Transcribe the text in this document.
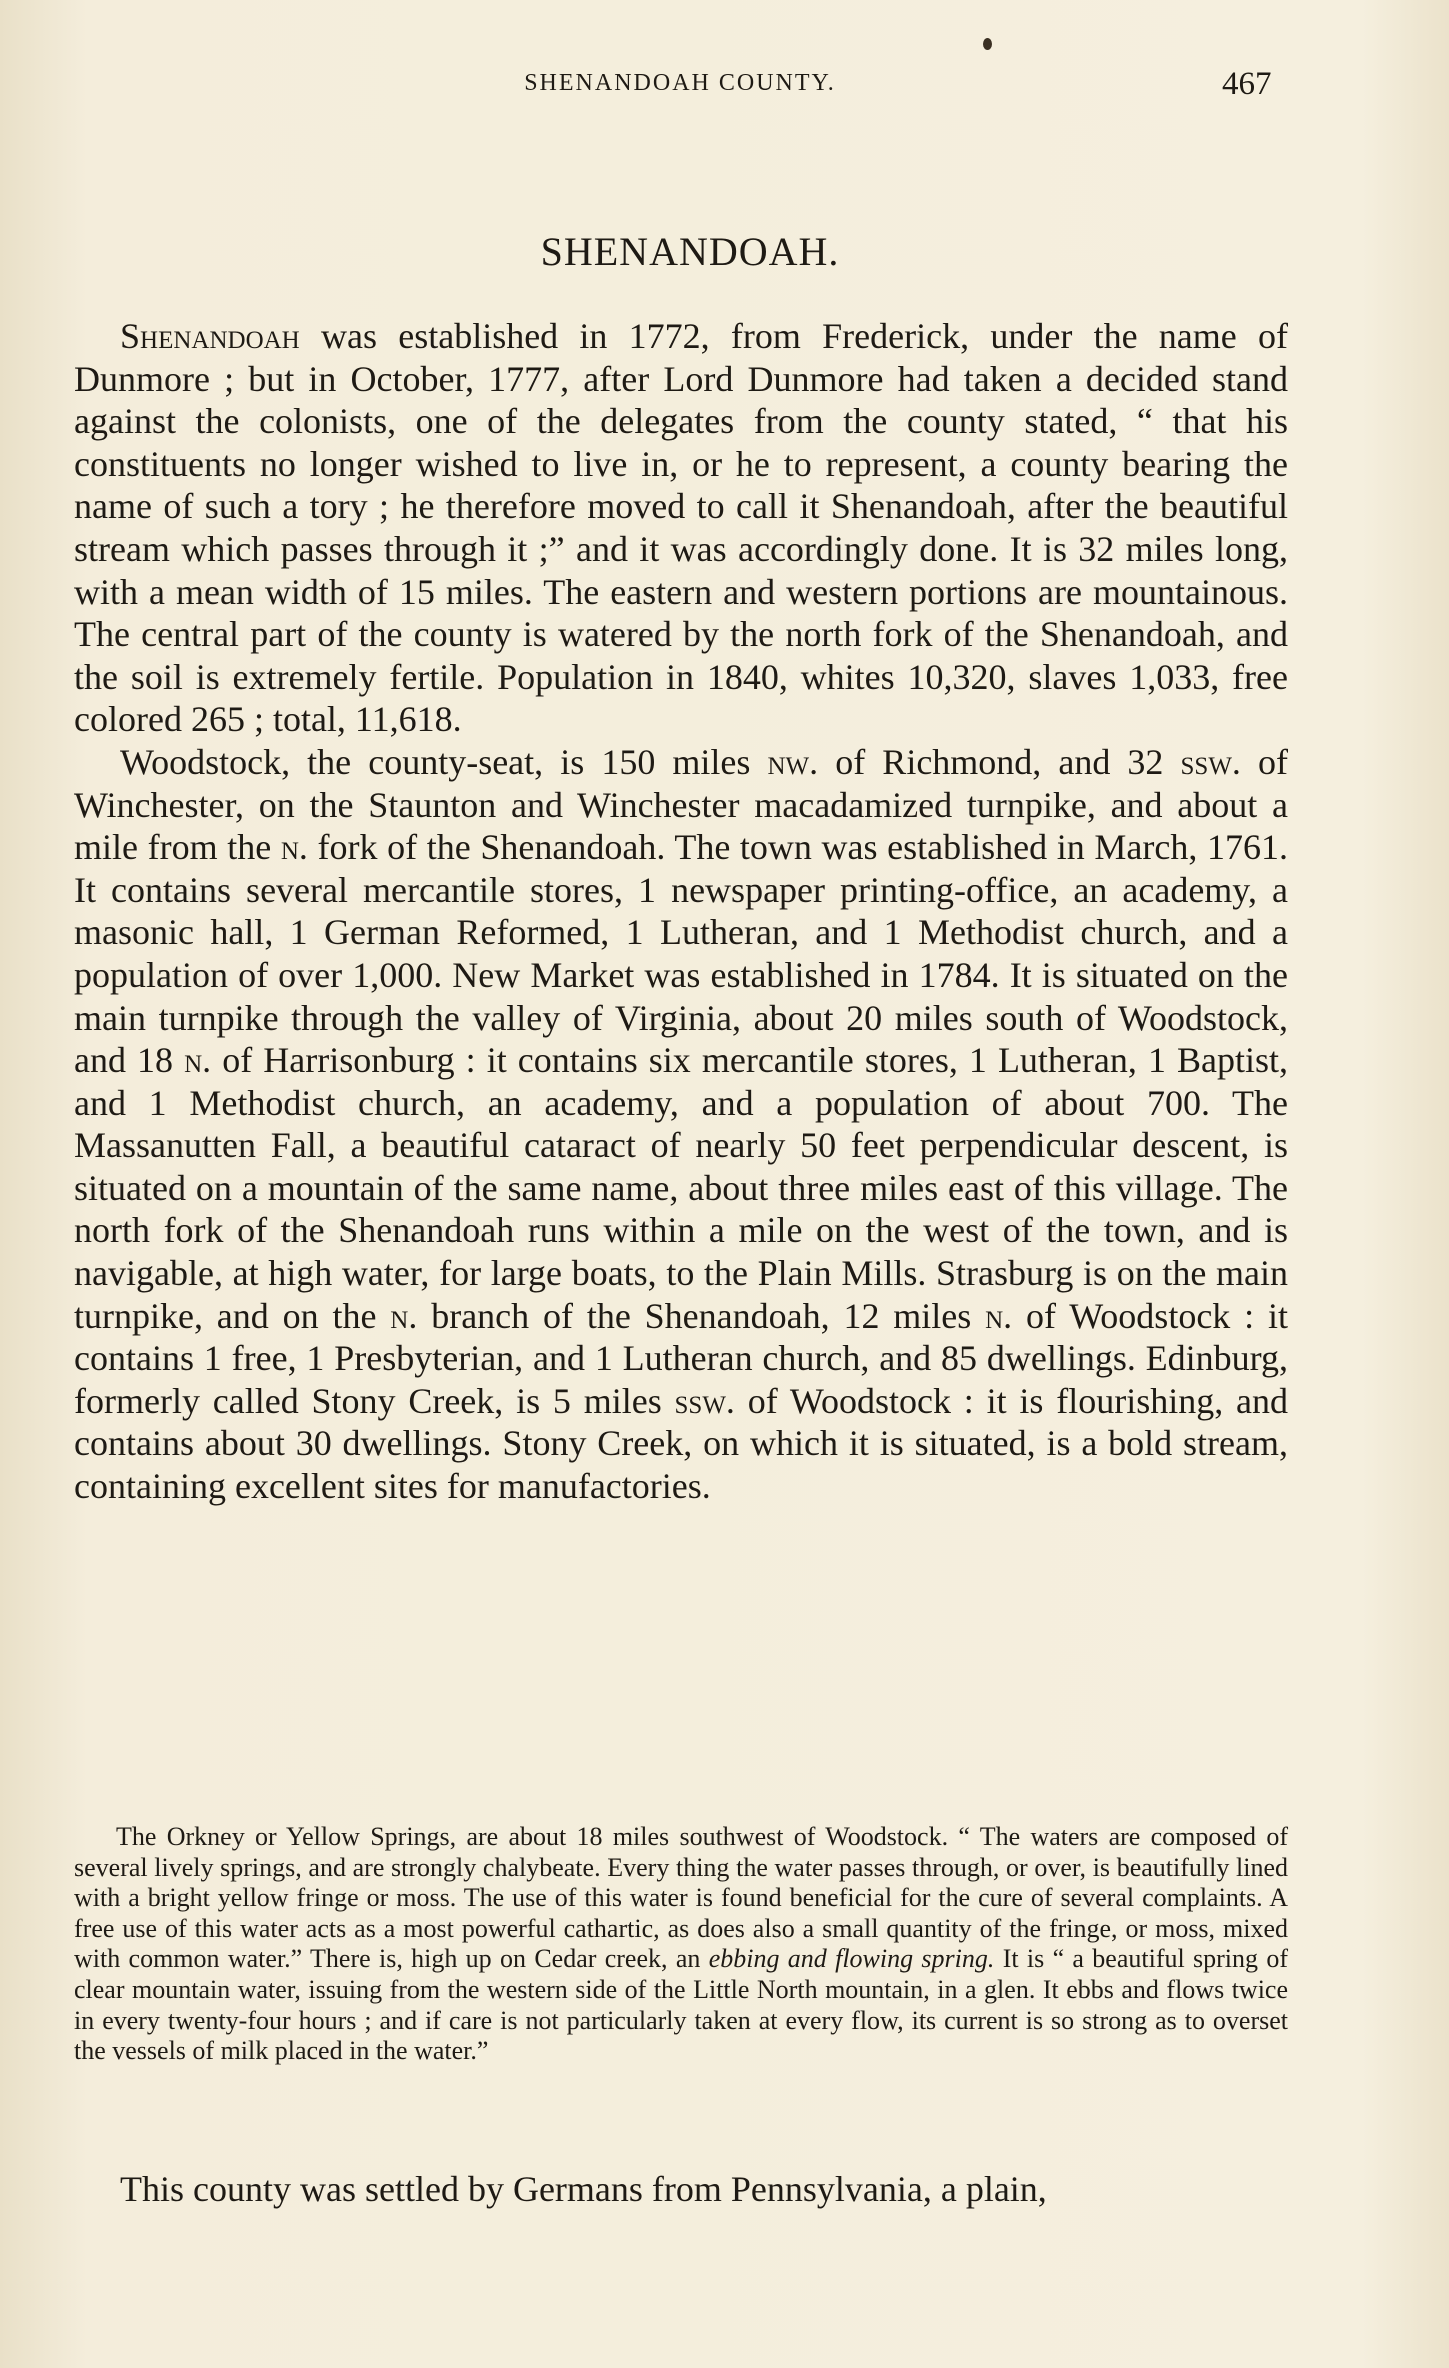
SHENANDOAH COUNTY.	467
SHENANDOAH.

Shenandoah was established in 1772, from Frederick, under the name of Dunmore ; but in October, 1777, after Lord Dunmore had taken a decided stand against the colonists, one of the delegates from the county stated, “ that his constituents no longer wished to live in, or he to represent, a county bearing the name of such a tory ; he therefore moved to call it Shenandoah, after the beautiful stream which passes through it ;” and it was accordingly done. It is 32 miles long, with a mean width of 15 miles. The eastern and western portions are mountainous. The central part of the county is watered by the north fork of the Shenandoah, and the soil is extremely fertile. Population in 1840, whites 10,320, slaves 1,033, free colored 265 ; total, 11,618.

Woodstock, the county-seat, is 150 miles nw. of Richmond, and 32 ssw. of Winchester, on the Staunton and Winchester macadamized turnpike, and about a mile from the n. fork of the Shenandoah. The town was established in March, 1761. It contains several mercantile stores, 1 newspaper printing-office, an academy, a masonic hall, 1 German Reformed, 1 Lutheran, and 1 Methodist church, and a population of over 1,000. New Market was established in 1784. It is situated on the main turnpike through the valley of Virginia, about 20 miles south of Woodstock, and 18 n. of Harrisonburg : it contains six mercantile stores, 1 Lutheran, 1 Baptist, and 1 Methodist church, an academy, and a population of about 700. The Massanutten Fall, a beautiful cataract of nearly 50 feet perpendicular descent, is situated on a mountain of the same name, about three miles east of this village. The north fork of the Shenandoah runs within a mile on the west of the town, and is navigable, at high water, for large boats, to the Plain Mills. Strasburg is on the main turnpike, and on the n. branch of the Shenandoah, 12 miles n. of Woodstock : it contains 1 free, 1 Presbyterian, and 1 Lutheran church, and 85 dwellings. Edinburg, formerly called Stony Creek, is 5 miles ssw. of Woodstock : it is flourishing, and contains about 30 dwellings. Stony Creek, on which it is situated, is a bold stream, containing excellent sites for manufactories.

The Orkney or Yellow Springs, are about 18 miles southwest of Woodstock. “ The waters are composed of several lively springs, and are strongly chalybeate. Every thing the water passes through, or over, is beautifully lined with a bright yellow fringe or moss. The use of this water is found beneficial for the cure of several complaints. A free use of this water acts as a most powerful cathartic, as does also a small quantity of the fringe, or moss, mixed with common water.” There is, high up on Cedar creek, an ebbing and flowing spring. It is “ a beautiful spring of clear mountain water, issuing from the western side of the Little North mountain, in a glen. It ebbs and flows twice in every twenty-four hours ; and if care is not particularly taken at every flow, its current is so strong as to overset the vessels of milk placed in the water.”
This county was settled by Germans from Pennsylvania, a plain,
